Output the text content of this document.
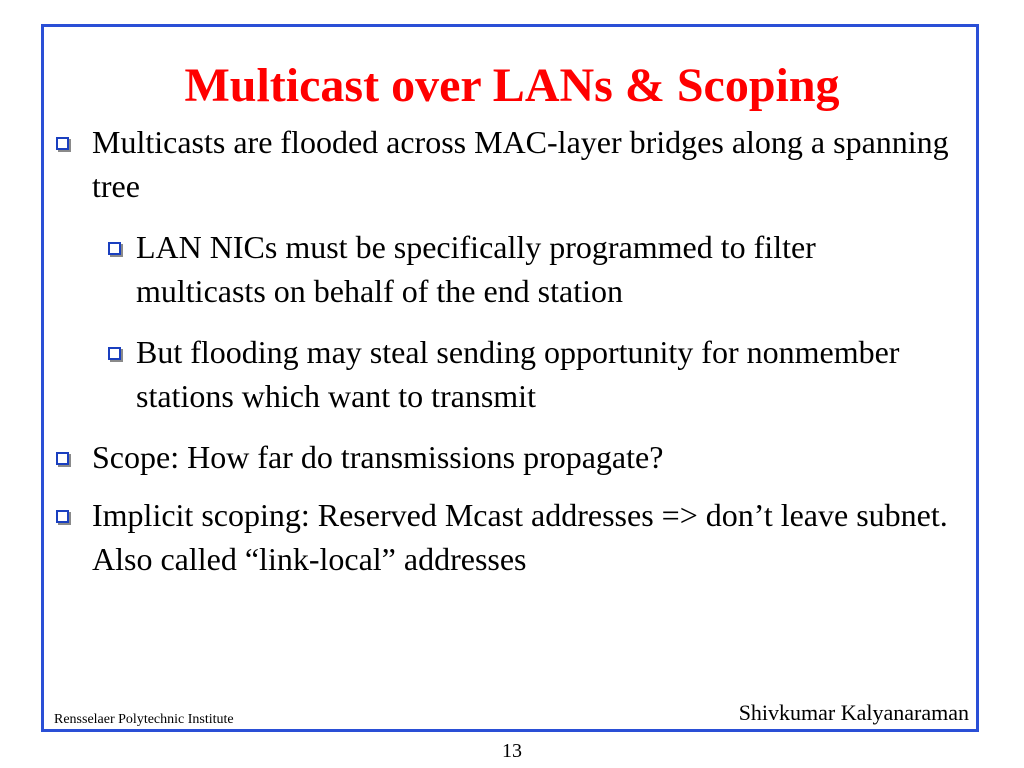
Multicast over LANs & Scoping
Multicasts are flooded across MAC-layer bridges along a spanning tree
LAN NICs must be specifically programmed to filter multicasts on behalf of the end station
But flooding may steal sending opportunity for nonmember stations which want to transmit
Scope: How far do transmissions propagate?
Implicit scoping: Reserved Mcast addresses => don’t leave subnet. Also called “link-local” addresses
Rensselaer Polytechnic Institute	Shivkumar Kalyanaraman
13
